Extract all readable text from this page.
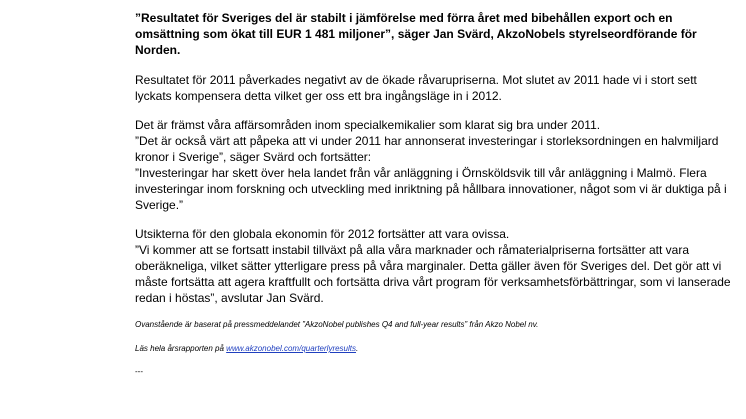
”Resultatet för Sveriges del är stabilt i jämförelse med förra året med bibehållen export och en omsättning som ökat till EUR 1 481 miljoner”, säger Jan Svärd, AkzoNobels styrelseordförande för Norden.

Resultatet för 2011 påverkades negativt av de ökade råvarupriserna. Mot slutet av 2011 hade vi i stort sett lyckats kompensera detta vilket ger oss ett bra ingångsläge in i 2012.

Det är främst våra affärsområden inom specialkemikalier som klarat sig bra under 2011.
”Det är också värt att påpeka att vi under 2011 har annonserat investeringar i storleksordningen en halvmiljard kronor i Sverige”, säger Svärd och fortsätter:
”Investeringar har skett över hela landet från vår anläggning i Örnsköldsvik till vår anläggning i Malmö. Flera investeringar inom forskning och utveckling med inriktning på hållbara innovationer, något som vi är duktiga på i Sverige.”

Utsikterna för den globala ekonomin för 2012 fortsätter att vara ovissa.
”Vi kommer att se fortsatt instabil tillväxt på alla våra marknader och råmaterialpriserna fortsätter att vara oberäkneliga, vilket sätter ytterligare press på våra marginaler. Detta gäller även för Sveriges del. Det gör att vi måste fortsätta att agera kraftfullt och fortsätta driva vårt program för verksamhetsförbättringar, som vi lanserade redan i höstas”, avslutar Jan Svärd.

Ovanstående är baserat på pressmeddelandet ”AkzoNobel publishes Q4 and full-year results” från Akzo Nobel nv.

Läs hela årsrapporten på www.akzonobel.com/quarterlyresults.

---
